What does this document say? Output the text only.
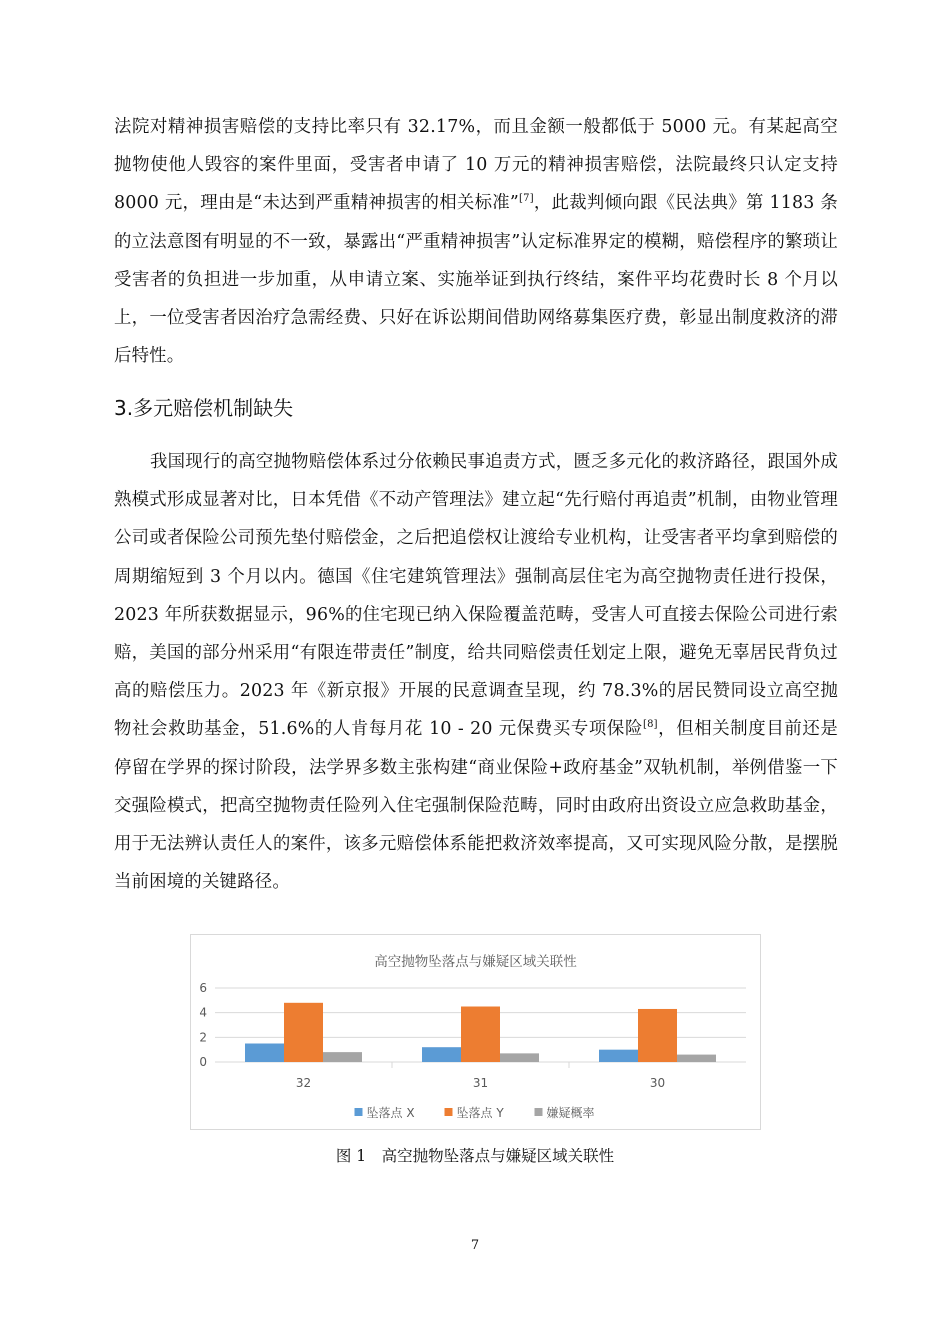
法院对精神损害赔偿的支持比率只有 32.17%，而且金额一般都低于 5000 元。有某起高空抛物使他人毁容的案件里面，受害者申请了 10 万元的精神损害赔偿，法院最终只认定支持 8000 元，理由是“未达到严重精神损害的相关标准”[7]，此裁判倾向跟《民法典》第 1183 条的立法意图有明显的不一致，暴露出“严重精神损害”认定标准界定的模糊，赔偿程序的繁琐让受害者的负担进一步加重，从申请立案、实施举证到执行终结，案件平均花费时长 8 个月以上，一位受害者因治疗急需经费、只好在诉讼期间借助网络募集医疗费，彰显出制度救济的滞后特性。

3.多元赔偿机制缺失

我国现行的高空抛物赔偿体系过分依赖民事追责方式，匮乏多元化的救济路径，跟国外成熟模式形成显著对比，日本凭借《不动产管理法》建立起“先行赔付再追责”机制，由物业管理公司或者保险公司预先垫付赔偿金，之后把追偿权让渡给专业机构，让受害者平均拿到赔偿的周期缩短到 3 个月以内。德国《住宅建筑管理法》强制高层住宅为高空抛物责任进行投保，2023 年所获数据显示，96%的住宅现已纳入保险覆盖范畴，受害人可直接去保险公司进行索赔，美国的部分州采用“有限连带责任”制度，给共同赔偿责任划定上限，避免无辜居民背负过高的赔偿压力。2023 年《新京报》开展的民意调查呈现，约 78.3%的居民赞同设立高空抛物社会救助基金，51.6%的人肯每月花 10 - 20 元保费买专项保险[8]，但相关制度目前还是停留在学界的探讨阶段，法学界多数主张构建“商业保险+政府基金”双轨机制，举例借鉴一下交强险模式，把高空抛物责任险列入住宅强制保险范畴，同时由政府出资设立应急救助基金，用于无法辨认责任人的案件，该多元赔偿体系能把救济效率提高，又可实现风险分散，是摆脱当前困境的关键路径。

高空抛物坠落点与嫌疑区域关联性
0
2
4
6
32	31	30
坠落点 X	坠落点 Y	嫌疑概率

图 1　高空抛物坠落点与嫌疑区域关联性

7
